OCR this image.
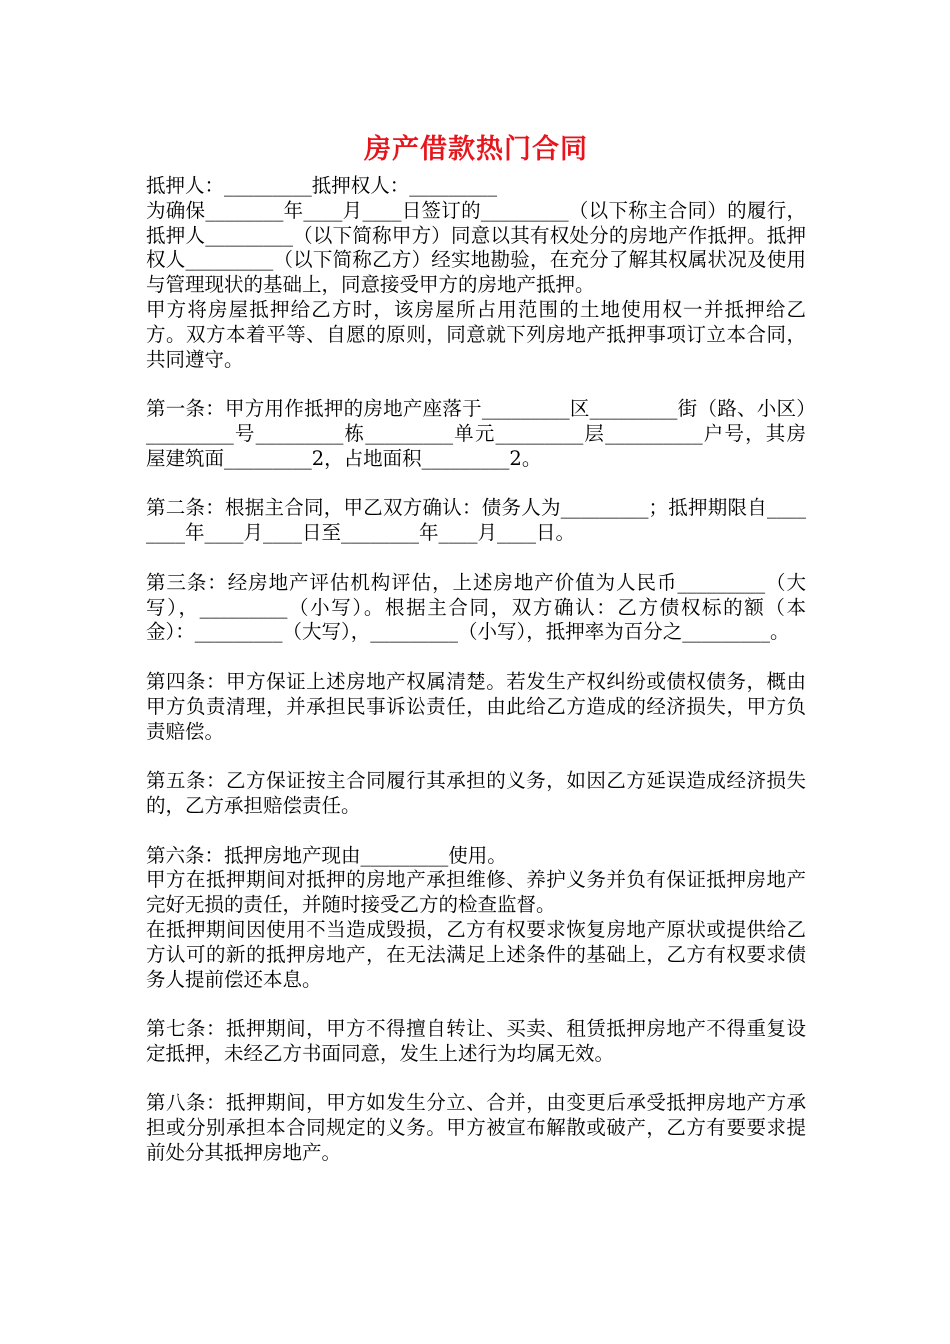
房产借款热门合同

抵押人：_________抵押权人：_________

为确保________年____月____日签订的_________（以下称主合同）的履行，抵押人_________（以下简称甲方）同意以其有权处分的房地产作抵押。抵押权人_________（以下简称乙方）经实地勘验，在充分了解其权属状况及使用与管理现状的基础上，同意接受甲方的房地产抵押。

甲方将房屋抵押给乙方时，该房屋所占用范围的土地使用权一并抵押给乙方。双方本着平等、自愿的原则，同意就下列房地产抵押事项订立本合同，共同遵守。

第一条：甲方用作抵押的房地产座落于_________区_________街（路、小区）_________号_________栋_________单元_________层__________户号，其房屋建筑面_________2，占地面积_________2。

第二条：根据主合同，甲乙双方确认：债务人为_________；抵押期限自________年____月____日至________年____月____日。

第三条：经房地产评估机构评估，上述房地产价值为人民币_________（大写），_________（小写）。根据主合同，双方确认：乙方债权标的额（本金）：_________（大写），_________（小写），抵押率为百分之_________。

第四条：甲方保证上述房地产权属清楚。若发生产权纠纷或债权债务，概由甲方负责清理，并承担民事诉讼责任，由此给乙方造成的经济损失，甲方负责赔偿。

第五条：乙方保证按主合同履行其承担的义务，如因乙方延误造成经济损失的，乙方承担赔偿责任。

第六条：抵押房地产现由_________使用。

甲方在抵押期间对抵押的房地产承担维修、养护义务并负有保证抵押房地产完好无损的责任，并随时接受乙方的检查监督。

在抵押期间因使用不当造成毁损，乙方有权要求恢复房地产原状或提供给乙方认可的新的抵押房地产，在无法满足上述条件的基础上，乙方有权要求债务人提前偿还本息。

第七条：抵押期间，甲方不得擅自转让、买卖、租赁抵押房地产不得重复设定抵押，未经乙方书面同意，发生上述行为均属无效。

第八条：抵押期间，甲方如发生分立、合并，由变更后承受抵押房地产方承担或分别承担本合同规定的义务。甲方被宣布解散或破产，乙方有要要求提前处分其抵押房地产。
